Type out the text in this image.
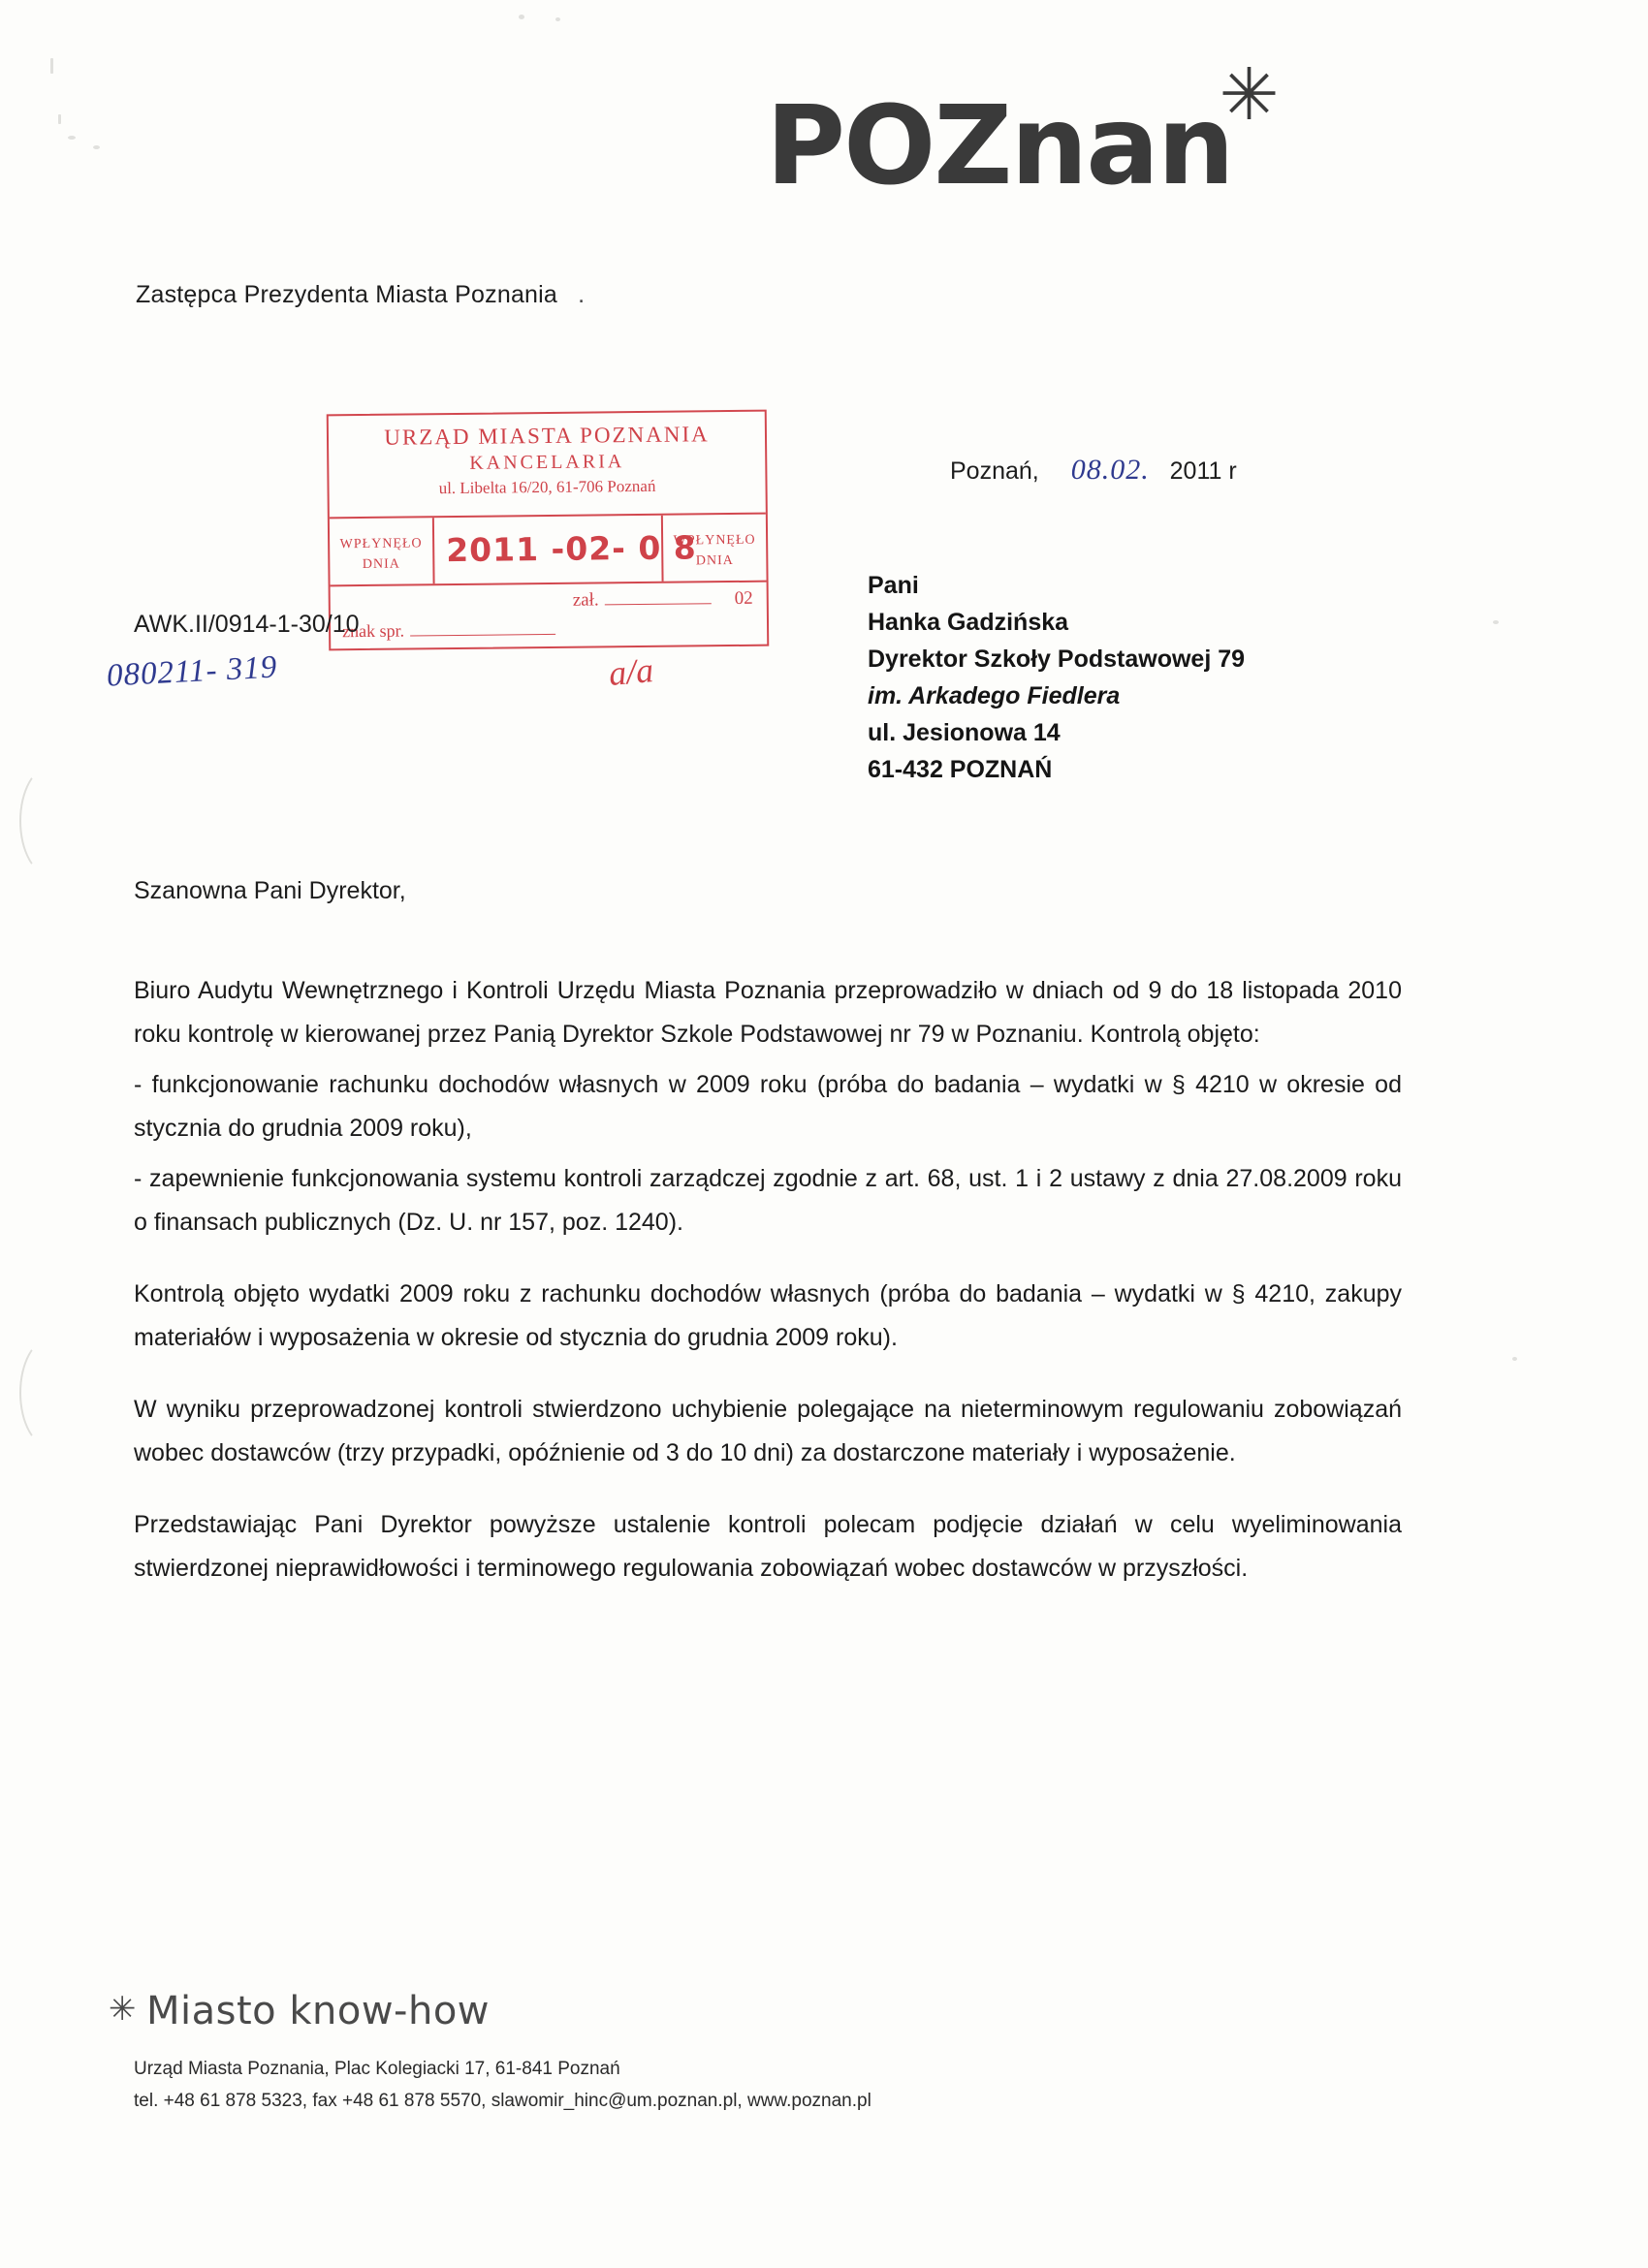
POZnan
✳
Zastępca Prezydenta Miasta Poznania .
URZĄD MIASTA POZNANIA
KANCELARIA
ul. Libelta 16/20, 61-706 Poznań
WPŁYNĘŁO
DNIA	2011 -02- 0 8
WPŁYNĘŁO
DNIA
zał.	02
znak spr.
a/a
AWK.II/0914-1-30/10
080211- 319
Poznań, 08.02. 2011 r
Pani
Hanka Gadzińska
Dyrektor Szkoły Podstawowej 79
im. Arkadego Fiedlera
ul. Jesionowa 14
61-432 POZNAŃ
Szanowna Pani Dyrektor,

Biuro Audytu Wewnętrznego i Kontroli Urzędu Miasta Poznania przeprowadziło w dniach od 9 do 18 listopada 2010 roku kontrolę w kierowanej przez Panią Dyrektor Szkole Podstawowej nr 79 w Poznaniu. Kontrolą objęto:

- funkcjonowanie rachunku dochodów własnych w 2009 roku (próba do badania – wydatki w § 4210 w okresie od stycznia do grudnia 2009 roku),

- zapewnienie funkcjonowania systemu kontroli zarządczej zgodnie z art. 68, ust. 1 i 2 ustawy z dnia 27.08.2009 roku o finansach publicznych (Dz. U. nr 157, poz. 1240).

Kontrolą objęto wydatki 2009 roku z rachunku dochodów własnych (próba do badania – wydatki w § 4210, zakupy materiałów i wyposażenia w okresie od stycznia do grudnia 2009 roku).

W wyniku przeprowadzonej kontroli stwierdzono uchybienie polegające na nieterminowym regulowaniu zobowiązań wobec dostawców (trzy przypadki, opóźnienie od 3 do 10 dni) za dostarczone materiały i wyposażenie.

Przedstawiając Pani Dyrektor powyższe ustalenie kontroli polecam podjęcie działań w celu wyeliminowania stwierdzonej nieprawidłowości i terminowego regulowania zobowiązań wobec dostawców w przyszłości.

✳ Miasto know-how
Urząd Miasta Poznania, Plac Kolegiacki 17, 61-841 Poznań
tel. +48 61 878 5323, fax +48 61 878 5570, slawomir_hinc@um.poznan.pl, www.poznan.pl
